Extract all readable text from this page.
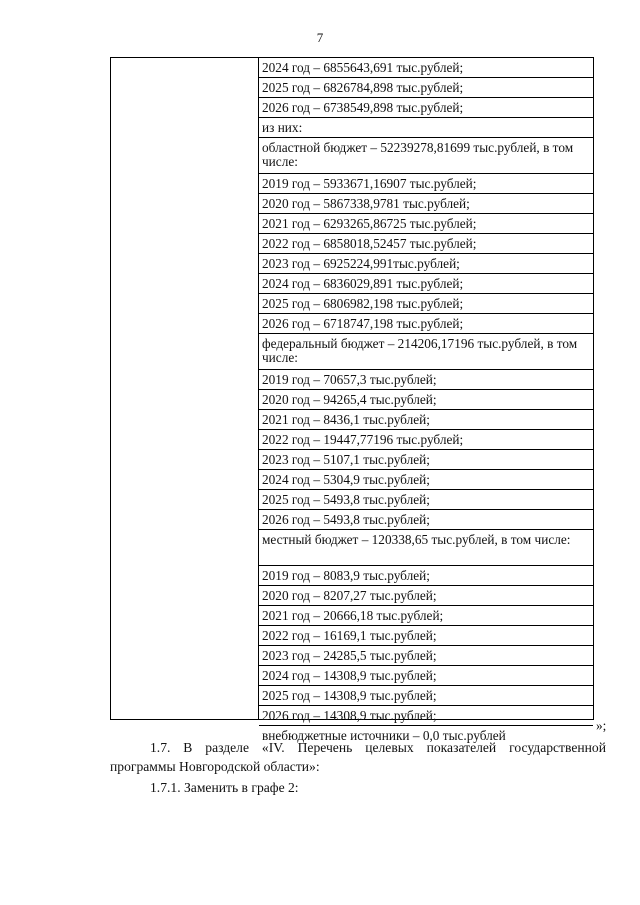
7
2024 год – 6855643,691 тыс.рублей;
2025 год – 6826784,898 тыс.рублей;
2026 год – 6738549,898 тыс.рублей;
из них:
областной бюджет – 52239278,81699 тыс.рублей, в том числе:
2019 год – 5933671,16907 тыс.рублей;
2020 год – 5867338,9781 тыс.рублей;
2021 год – 6293265,86725 тыс.рублей;
2022 год – 6858018,52457 тыс.рублей;
2023 год – 6925224,991тыс.рублей;
2024 год – 6836029,891 тыс.рублей;
2025 год – 6806982,198 тыс.рублей;
2026 год – 6718747,198 тыс.рублей;
федеральный бюджет – 214206,17196 тыс.рублей, в том числе:
2019 год – 70657,3 тыс.рублей;
2020 год – 94265,4 тыс.рублей;
2021 год – 8436,1 тыс.рублей;
2022 год – 19447,77196 тыс.рублей;
2023 год – 5107,1 тыс.рублей;
2024 год – 5304,9 тыс.рублей;
2025 год – 5493,8 тыс.рублей;
2026 год – 5493,8 тыс.рублей;
местный бюджет – 120338,65 тыс.рублей, в том числе:
2019 год – 8083,9 тыс.рублей;
2020 год – 8207,27 тыс.рублей;
2021 год – 20666,18 тыс.рублей;
2022 год – 16169,1 тыс.рублей;
2023 год – 24285,5 тыс.рублей;
2024 год – 14308,9 тыс.рублей;
2025 год – 14308,9 тыс.рублей;
2026 год – 14308,9 тыс.рублей;
внебюджетные источники – 0,0 тыс.рублей
»;
1.7. В разделе «IV. Перечень целевых показателей государственной программы Новгородской области»:
1.7.1. Заменить в графе 2:
